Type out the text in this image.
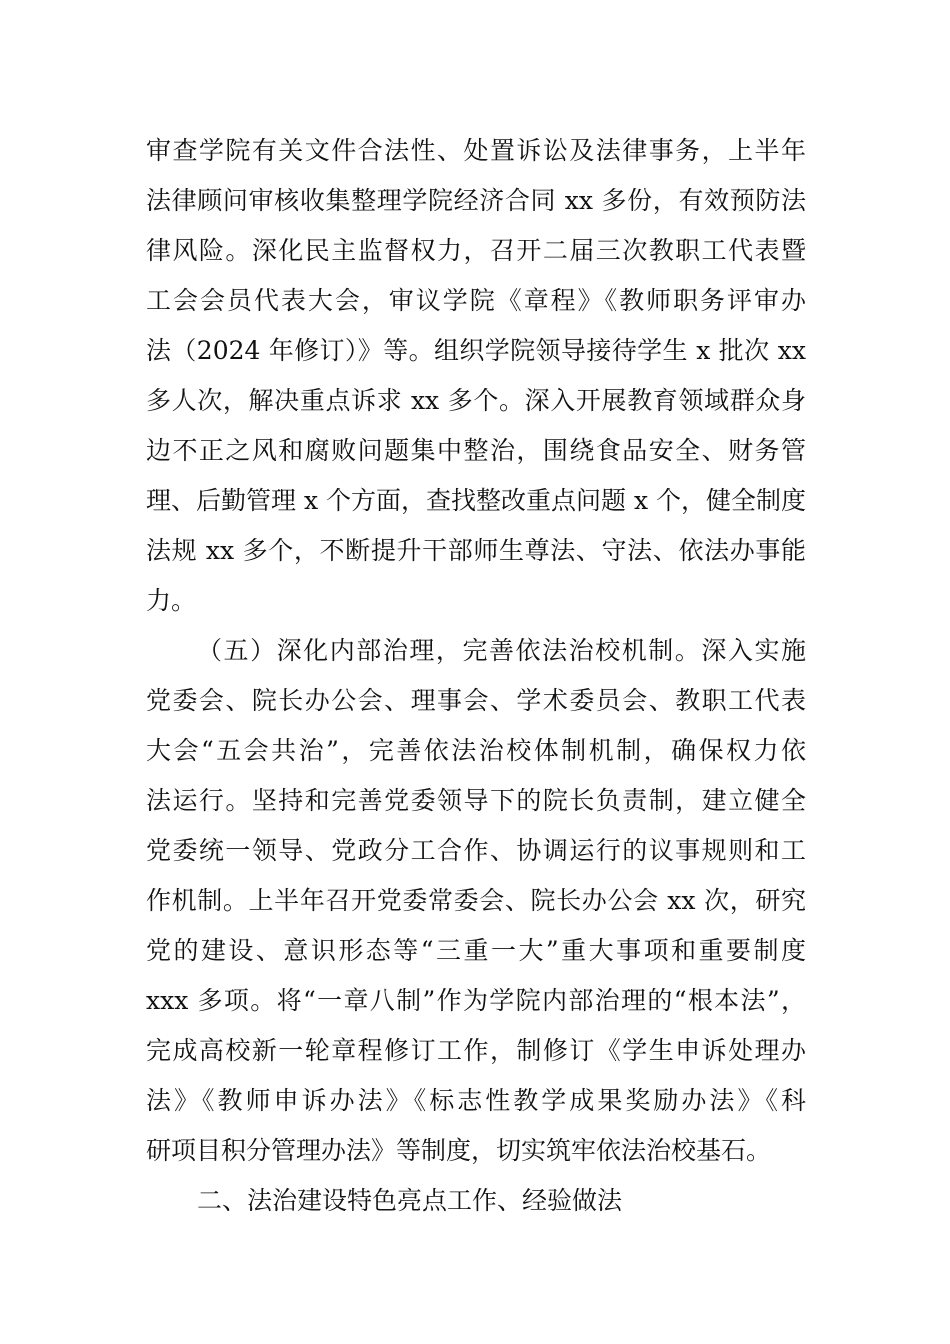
审查学院有关文件合法性、处置诉讼及法律事务，上半年
法律顾问审核收集整理学院经济合同 xx 多份，有效预防法
律风险。深化民主监督权力，召开二届三次教职工代表暨
工会会员代表大会，审议学院《章程》《教师职务评审办
法（2024 年修订）》等。组织学院领导接待学生 x 批次 xx
多人次，解决重点诉求 xx 多个。深入开展教育领域群众身
边不正之风和腐败问题集中整治，围绕食品安全、财务管
理、后勤管理 x 个方面，查找整改重点问题 x 个，健全制度
法规 xx 多个，不断提升干部师生尊法、守法、依法办事能
力。
（五）深化内部治理，完善依法治校机制。深入实施
党委会、院长办公会、理事会、学术委员会、教职工代表
大会“五会共治”，完善依法治校体制机制，确保权力依
法运行。坚持和完善党委领导下的院长负责制，建立健全
党委统一领导、党政分工合作、协调运行的议事规则和工
作机制。上半年召开党委常委会、院长办公会 xx 次，研究
党的建设、意识形态等“三重一大”重大事项和重要制度
xxx 多项。将“一章八制”作为学院内部治理的“根本法”，
完成高校新一轮章程修订工作，制修订《学生申诉处理办
法》《教师申诉办法》《标志性教学成果奖励办法》《科
研项目积分管理办法》等制度，切实筑牢依法治校基石。
二、法治建设特色亮点工作、经验做法
